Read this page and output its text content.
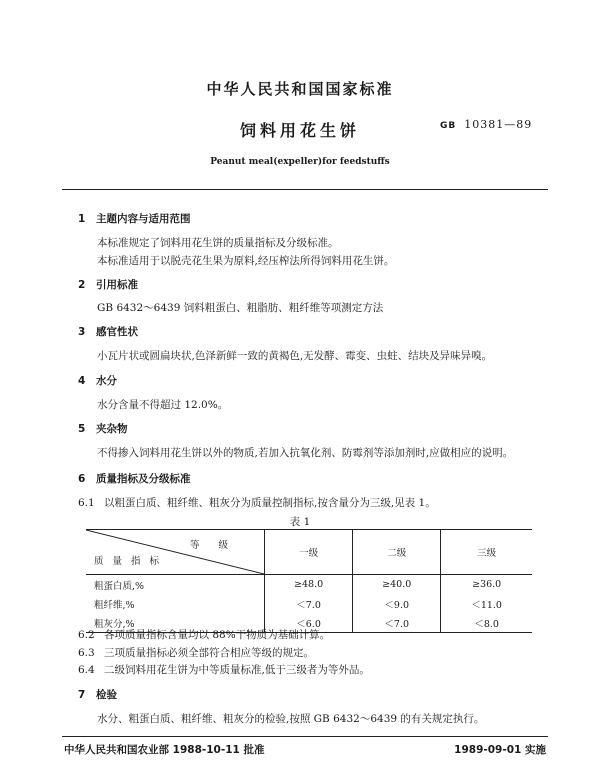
中华人民共和国国家标准
饲料用花生饼	GB 10381—89
Peanut meal(expeller)for feedstuffs
1 主题内容与适用范围
本标准规定了饲料用花生饼的质量指标及分级标准。
本标准适用于以脱壳花生果为原料,经压榨法所得饲料用花生饼。
2 引用标准
GB 6432～6439 饲料粗蛋白、粗脂肪、粗纤维等项测定方法
3 感官性状
小瓦片状或圆扁块状,色泽新鲜一致的黄褐色,无发酵、霉变、虫蛀、结块及异味异嗅。
4 水分
水分含量不得超过 12.0%。
5 夹杂物
不得掺入饲料用花生饼以外的物质,若加入抗氧化剂、防霉剂等添加剂时,应做相应的说明。
6 质量指标及分级标准
6.1 以粗蛋白质、粗纤维、粗灰分为质量控制指标,按含量分为三级,见表 1。
表 1
等 级
质 量 指 标	一级	二级	三级
粗蛋白质,%	≥48.0	≥40.0	≥36.0
粗纤维,%	＜7.0	＜9.0	＜11.0
粗灰分,%	＜6.0	＜7.0	＜8.0
6.2 各项质量指标含量均以 88%干物质为基础计算。
6.3 三项质量指标必须全部符合相应等级的规定。
6.4 二级饲料用花生饼为中等质量标准,低于三级者为等外品。
7 检验
水分、粗蛋白质、粗纤维、粗灰分的检验,按照 GB 6432～6439 的有关规定执行。
中华人民共和国农业部 1988-10-11 批准	1989-09-01 实施
